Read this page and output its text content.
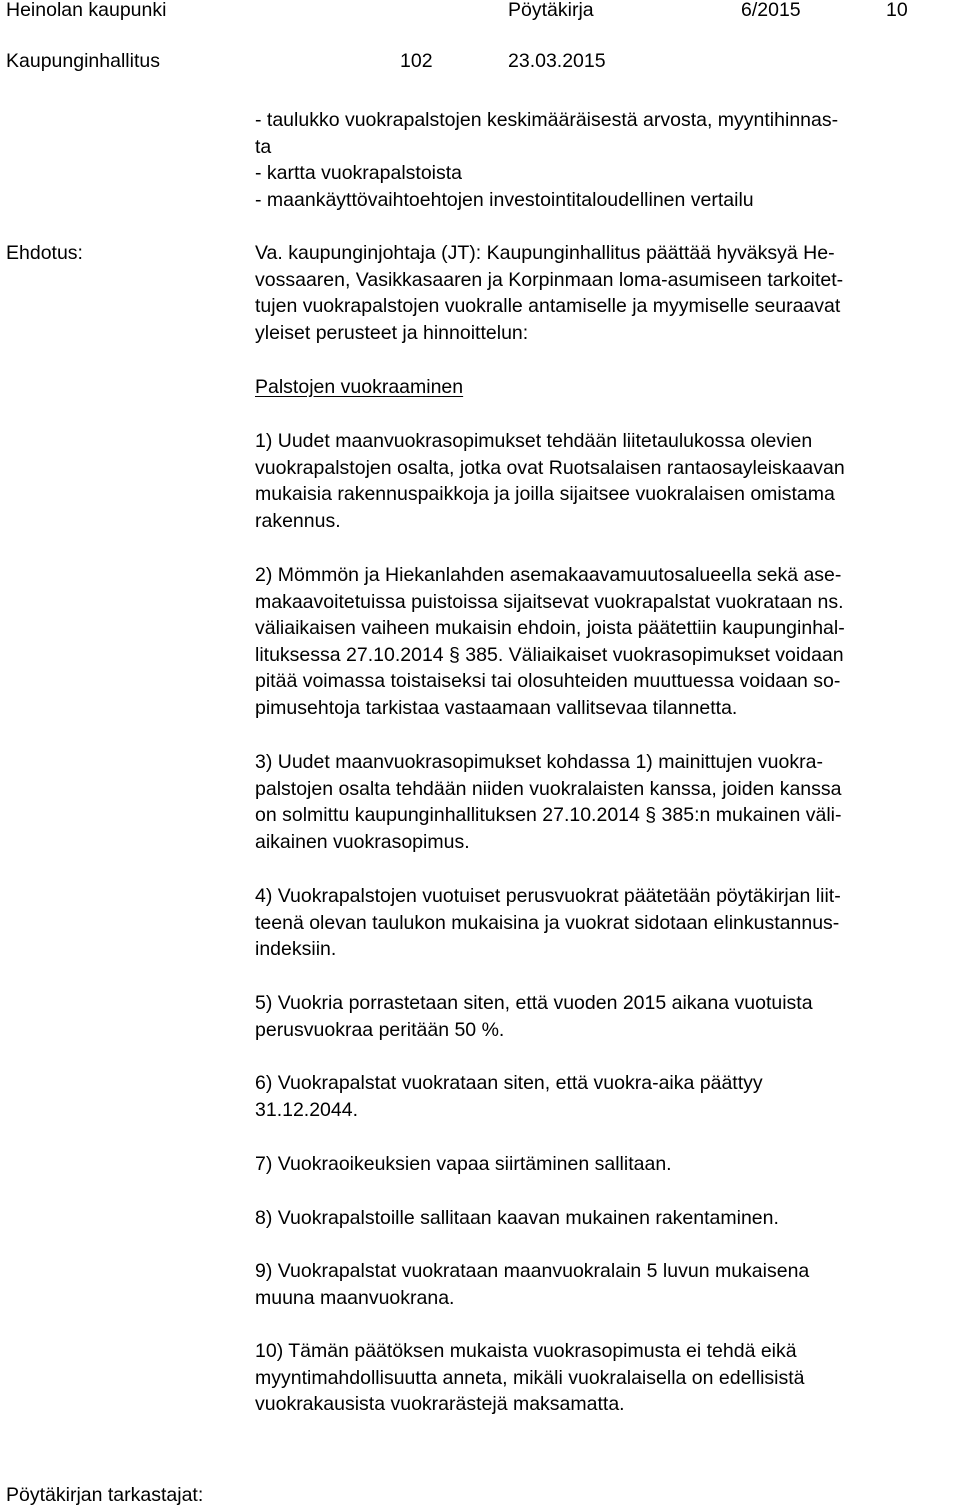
Heinolan kaupunki	Pöytäkirja	6/2015	10
Kaupunginhallitus	102	23.03.2015
- taulukko vuokrapalstojen keskimääräisestä arvosta, myyntihinnas-
ta
- kartta vuokrapalstoista
- maankäyttövaihtoehtojen investointitaloudellinen vertailu
Ehdotus:	Va. kaupunginjohtaja (JT): Kaupunginhallitus päättää hyväksyä He-
vossaaren, Vasikkasaaren ja Korpinmaan loma-asumiseen tarkoitet-
tujen vuokrapalstojen vuokralle antamiselle ja myymiselle seuraavat
yleiset perusteet ja hinnoittelun:
Palstojen vuokraaminen
1) Uudet maanvuokrasopimukset tehdään liitetaulukossa olevien
vuokrapalstojen osalta, jotka ovat Ruotsalaisen rantaosayleiskaavan
mukaisia rakennuspaikkoja ja joilla sijaitsee vuokralaisen omistama
rakennus.
2) Mömmön ja Hiekanlahden asemakaavamuutosalueella sekä ase-
makaavoitetuissa puistoissa sijaitsevat vuokrapalstat vuokrataan ns.
väliaikaisen vaiheen mukaisin ehdoin, joista päätettiin kaupunginhal-
lituksessa 27.10.2014 § 385. Väliaikaiset vuokrasopimukset voidaan
pitää voimassa toistaiseksi tai olosuhteiden muuttuessa voidaan so-
pimusehtoja tarkistaa vastaamaan vallitsevaa tilannetta.
3) Uudet maanvuokrasopimukset kohdassa 1) mainittujen vuokra-
palstojen osalta tehdään niiden vuokralaisten kanssa, joiden kanssa
on solmittu kaupunginhallituksen 27.10.2014 § 385:n mukainen väli-
aikainen vuokrasopimus.
4) Vuokrapalstojen vuotuiset perusvuokrat päätetään pöytäkirjan liit-
teenä olevan taulukon mukaisina ja vuokrat sidotaan elinkustannus-
indeksiin.
5) Vuokria porrastetaan siten, että vuoden 2015 aikana vuotuista
perusvuokraa peritään 50 %.
6) Vuokrapalstat vuokrataan siten, että vuokra-aika päättyy
31.12.2044.
7) Vuokraoikeuksien vapaa siirtäminen sallitaan.
8) Vuokrapalstoille sallitaan kaavan mukainen rakentaminen.
9) Vuokrapalstat vuokrataan maanvuokralain 5 luvun mukaisena
muuna maanvuokrana.
10) Tämän päätöksen mukaista vuokrasopimusta ei tehdä eikä
myyntimahdollisuutta anneta, mikäli vuokralaisella on edellisistä
vuokrakausista vuokrarästejä maksamatta.
Pöytäkirjan tarkastajat:
